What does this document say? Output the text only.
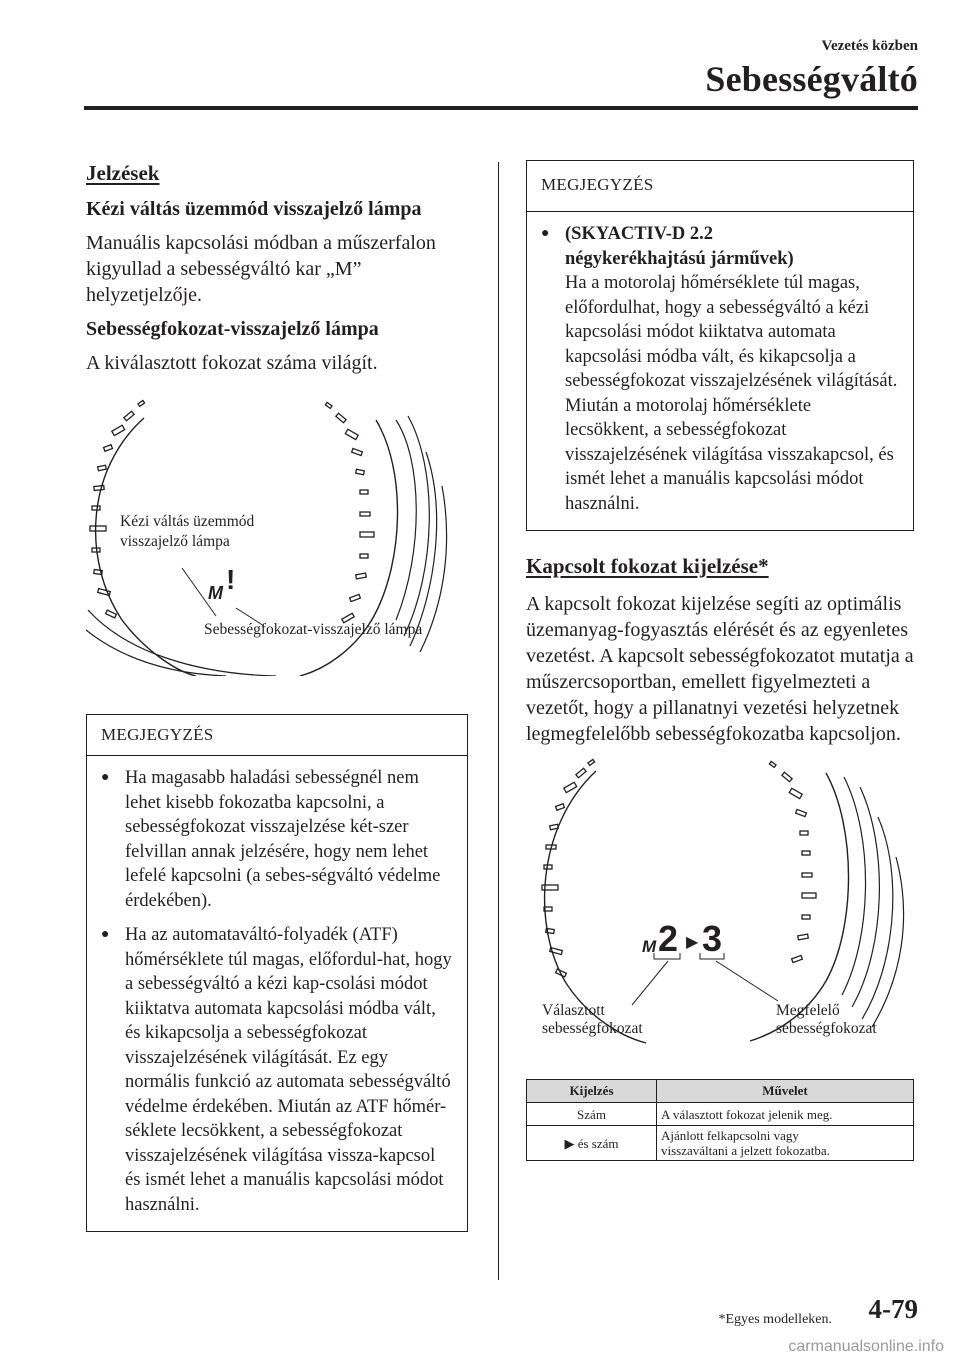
Vezetés közben
Sebességváltó
Jelzések
Kézi váltás üzemmód visszajelző lámpa
Manuális kapcsolási módban a műszerfalon kigyullad a sebességváltó kar „M” helyzetjelzője.
Sebességfokozat-visszajelző lámpa
A kiválasztott fokozat száma világít.
Kézi váltás üzemmód
visszajelző lámpa
M !
Sebességfokozat-visszajelző lámpa
MEGJEGYZÉS
● Ha magasabb haladási sebességnél nem lehet kisebb fokozatba kapcsolni, a sebességfokozat visszajelzése két-szer felvillan annak jelzésére, hogy nem lehet lefelé kapcsolni (a sebes-ségváltó védelme érdekében).
● Ha az automataváltó-folyadék (ATF) hőmérséklete túl magas, előfordul-hat, hogy a sebességváltó a kézi kap-csolási módot kiiktatva automata kapcsolási módba vált, és kikapcsolja a sebességfokozat visszajelzésének világítását. Ez egy normális funkció az automata sebességváltó védelme érdekében. Miután az ATF hőmér-séklete lecsökkent, a sebességfokozat visszajelzésének világítása vissza-kapcsol és ismét lehet a manuális kapcsolási módot használni.
MEGJEGYZÉS
● (SKYACTIV-D 2.2
négykerékhajtású járművek)
Ha a motorolaj hőmérséklete túl magas, előfordulhat, hogy a sebességváltó a kézi kapcsolási módot kiiktatva automata kapcsolási módba vált, és kikapcsolja a sebességfokozat visszajelzésének világítását. Miután a motorolaj hőmérséklete lecsökkent, a sebességfokozat visszajelzésének világítása visszakapcsol, és ismét lehet a manuális kapcsolási módot használni.
Kapcsolt fokozat kijelzése*
A kapcsolt fokozat kijelzése segíti az optimális üzemanyag-fogyasztás elérését és az egyenletes vezetést. A kapcsolt sebességfokozatot mutatja a műszercsoportban, emellett figyelmezteti a vezetőt, hogy a pillanatnyi vezetési helyzetnek legmegfelelőbb sebességfokozatba kapcsoljon.
M 2 ▶ 3
Választott
sebességfokozat
Megfelelő
sebességfokozat
Kijelzés	Művelet
Szám	A választott fokozat jelenik meg.
▶ és szám	Ajánlott felkapcsolni vagy
visszaváltani a jelzett fokozatba.
*Egyes modelleken. 4-79
carmanualsonline.info
